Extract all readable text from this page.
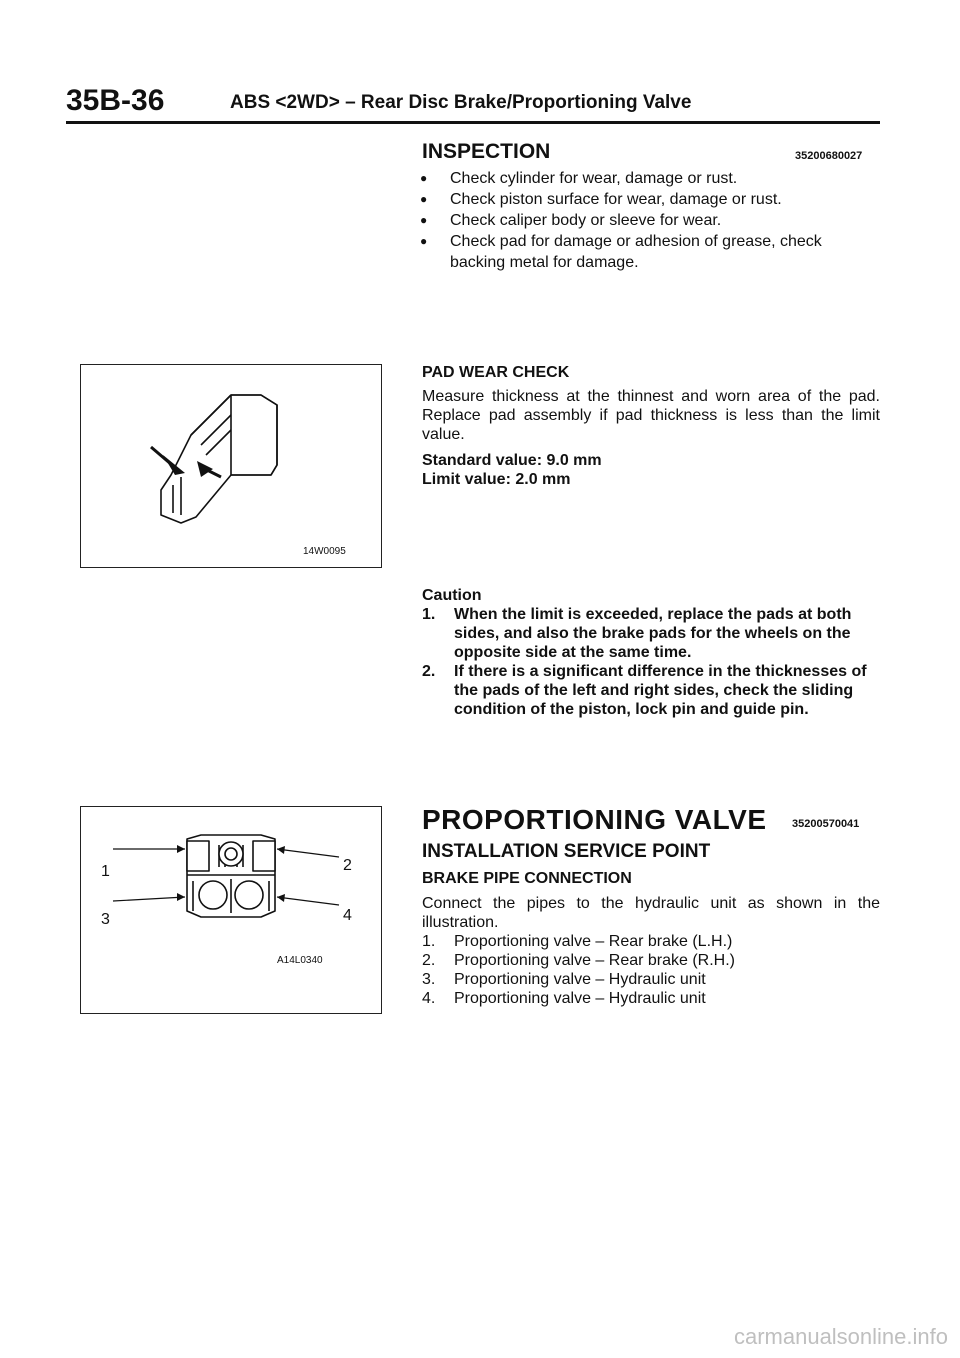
35B-36	ABS <2WD> – Rear Disc Brake/Proportioning Valve
INSPECTION	35200680027
● Check cylinder for wear, damage or rust.
● Check piston surface for wear, damage or rust.
● Check caliper body or sleeve for wear.
● Check pad for damage or adhesion of grease, check backing metal for damage.
14W0095
PAD WEAR CHECK
Measure thickness at the thinnest and worn area of the pad. Replace pad assembly if pad thickness is less than the limit value.
Standard value: 9.0 mm
Limit value: 2.0 mm
Caution
1. When the limit is exceeded, replace the pads at both sides, and also the brake pads for the wheels on the opposite side at the same time.
2. If there is a significant difference in the thicknesses of the pads of the left and right sides, check the sliding condition of the piston, lock pin and guide pin.
1	2
3	4
A14L0340
PROPORTIONING VALVE 35200570041
INSTALLATION SERVICE POINT
BRAKE PIPE CONNECTION
Connect the pipes to the hydraulic unit as shown in the illustration.
1. Proportioning valve – Rear brake (L.H.)
2. Proportioning valve – Rear brake (R.H.)
3. Proportioning valve – Hydraulic unit
4. Proportioning valve – Hydraulic unit
carmanualsonline.info
